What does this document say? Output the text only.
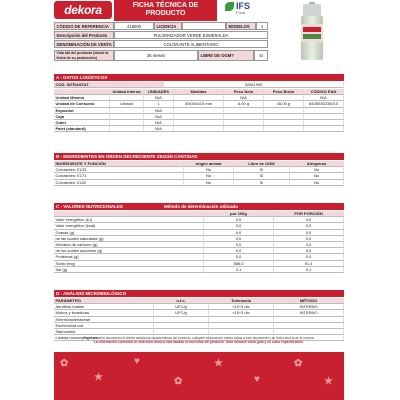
dekora	FICHA TÉCNICA DE
PRODUCTO
IFS
Food
CÓDIGO DE REFERENCIA	418000	LICENCIA	MODELOS	1
Descripción del Producto	PULVERIZADOR VERDE ESMERALDA
DENOMINACIÓN DE VENTA	COLORANTE ALIMENTARIO
Vida útil del producto (desde la fecha de su producción)	36 meses	LIBRE DE OGM?	SI
A - DATOS LOGÍSTICOS
COD. INTRASTAT	32061900
Unidad interna	UNIDADES	Medidas	Peso Neto	Peso Bruto	CÓDIGO EAN
Unidad Mínima	N/A	N/A	N/A
Unidad de Consumo	Unidad	1	30x30x110 mm	6,00 g	45,00 g	8435035230013
Expositor	N/A
Caja	N/A
Outer	N/A
Palet (standard)	N/A
B - INGREDIENTES EN ORDEN DECRECIENTE SEGÚN CANTIDAD
INGREDIENTE Y FUNCIÓN	origen animal	Libre de OGM	Alérgenos
Colorantes: E133	No	Sí	No
Colorantes: E171	No	Sí	No
Colorantes: E102	No	Sí	No
C - VALORES NUTRICIONALES	Método de determinación utilizado
por 100g	POR PORCIÓN
Valor energético (kJ)	0,0	0,0
Valor energético (kcal)	0,0	0,0
Grasas (g)	0,0	0,0
de las cuales saturadas (g)	0,0	0,0
Hidratos de carbono (g)	0,0	0,0
de los cuales azúcares (g)	0,0	0,0
Proteínas (g)	0,0	0,0
Sodio (mg)	856,0	51,4
Sal (g)	2,1	0,1
D - ANÁLISIS MICROBIOLÓGICO
PARÁMETRO	u.f.c.	Tolerancia	MÉTODO
Aerobios totales	UFC/g	<10^3 ufc	INTERNO
Mohos y levaduras	UFC/g	<10^3 ufc	INTERNO
Enterobacteriaceae
Escherichia coli
Salmonella
Listeria monocytogenes
Por el presente documento el cliente acepta las características del producto, cualquier reclamación estará sujeta a este documento y su fecha será la de la compra.
La información contenida en esta ficha técnica está basada en muestras del producto. Debe tomarse como guía y no como especificación.
✿
★
♥
✿
★
♥
✿
★
